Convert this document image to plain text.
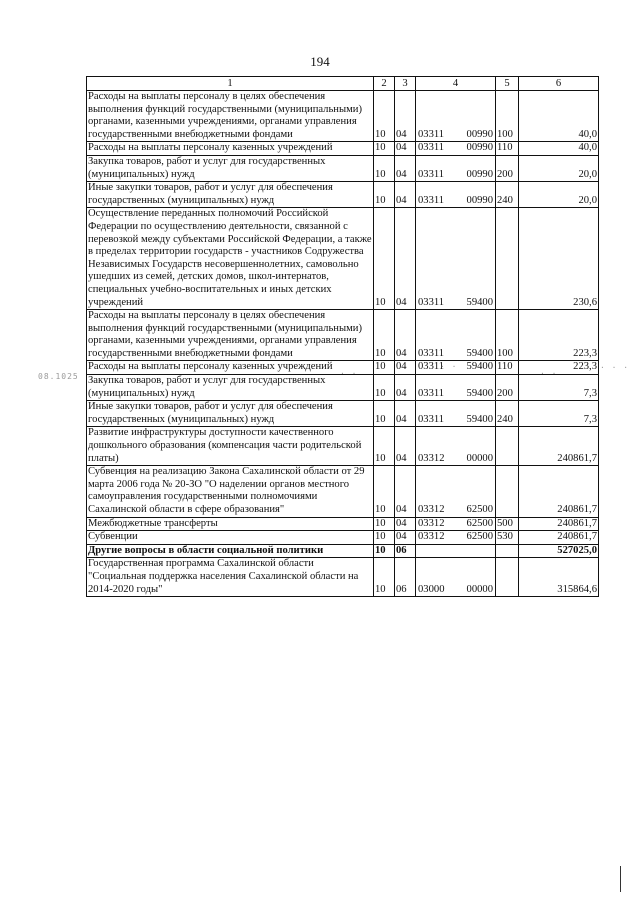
194
1	2	3	4	5	6
Расходы на выплаты персоналу в целях обеспечения выполнения функций государственными (муниципальными) органами, казенными учреждениями, органами управления государственными внебюджетными фондами	10	04	03311 00990	100	40,0
Расходы на выплаты персоналу казенных учреждений	10	04	03311 00990	110	40,0
Закупка товаров, работ и услуг для государственных (муниципальных) нужд	10	04	03311 00990	200	20,0
Иные закупки товаров, работ и услуг для обеспечения государственных (муниципальных) нужд	10	04	03311 00990	240	20,0
Осуществление переданных полномочий Российской Федерации по осуществлению деятельности, связанной с перевозкой между субъектами Российской Федерации, а также в пределах территории государств - участников Содружества Независимых Государств несовершеннолетних, самовольно ушедших из семей, детских домов, школ-интернатов, специальных учебно-воспитательных и иных детских учреждений	10	04	03311 59400		230,6
Расходы на выплаты персоналу в целях обеспечения выполнения функций государственными (муниципальными) органами, казенными учреждениями, органами управления государственными внебюджетными фондами	10	04	03311 59400	100	223,3
Расходы на выплаты персоналу казенных учреждений	10	04	03311 59400	110	223,3
Закупка товаров, работ и услуг для государственных (муниципальных) нужд	10	04	03311 59400	200	7,3
Иные закупки товаров, работ и услуг для обеспечения государственных (муниципальных) нужд	10	04	03311 59400	240	7,3
Развитие инфраструктуры доступности качественного дошкольного образования (компенсация части родительской платы)	10	04	03312 00000		240861,7
Субвенция на реализацию Закона Сахалинской области от 29 марта 2006 года № 20-ЗО "О наделении органов местного самоуправления государственными полномочиями Сахалинской области в сфере образования"	10	04	03312 62500		240861,7
Межбюджетные трансферты	10	04	03312 62500	500	240861,7
Субвенции	10	04	03312 62500	530	240861,7
Другие вопросы в области социальной политики	10	06			527025,0
Государственная программа Сахалинской области "Социальная поддержка населения Сахалинской области на 2014-2020 годы"	10	06	03000 00000		315864,6
08.1025	· ·
· ·
· ·
· · ·
